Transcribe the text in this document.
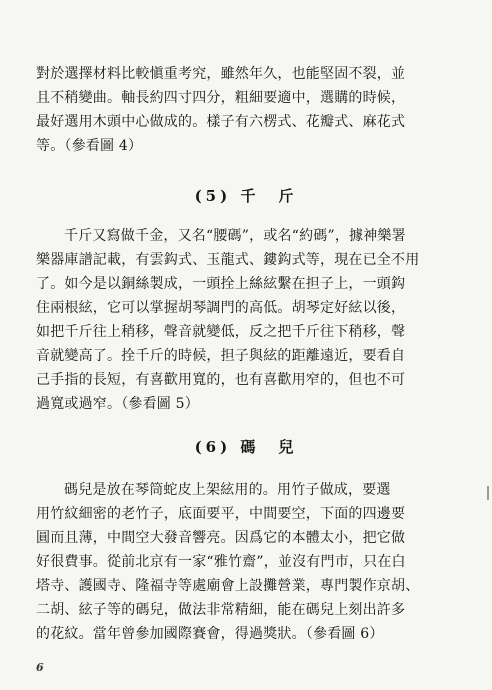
對於選擇材料比較愼重考究，雖然年久，也能堅固不裂，並
且不稍變曲。軸長約四寸四分，粗細要適中，選購的時候，
最好選用木頭中心做成的。樣子有六楞式、花瓣式、麻花式
等。（參看圖 4）
(5) 千　斤
千斤又寫做千金，又名“腰碼”，或名“約碼”，據神樂署
樂器庫譜記載，有雲鈎式、玉龍式、鏤鈎式等，現在已全不用
了。如今是以銅絲製成，一頭拴上絲絃繫在担子上，一頭鈎
住兩根絃，它可以掌握胡琴調門的高低。胡琴定好絃以後，
如把千斤往上稍移，聲音就變低，反之把千斤往下稍移，聲
音就變高了。拴千斤的時候，担子與絃的距離遠近，要看自
己手指的長短，有喜歡用寬的，也有喜歡用窄的，但也不可
過寬或過窄。（參看圖 5）
(6) 碼　兒
碼兒是放在琴筒蛇皮上架絃用的。用竹子做成，要選
用竹紋細密的老竹子，底面要平，中間要空，下面的四邊要
圓而且薄，中間空大發音響亮。因爲它的本體太小，把它做
好很費事。從前北京有一家“雅竹齋”，並沒有門市，只在白
塔寺、護國寺、隆福寺等處廟會上設攤營業，專門製作京胡、
二胡、絃子等的碼兒，做法非常精細，能在碼兒上刻出許多
的花紋。當年曾參加國際賽會，得過獎狀。（參看圖 6）
6
